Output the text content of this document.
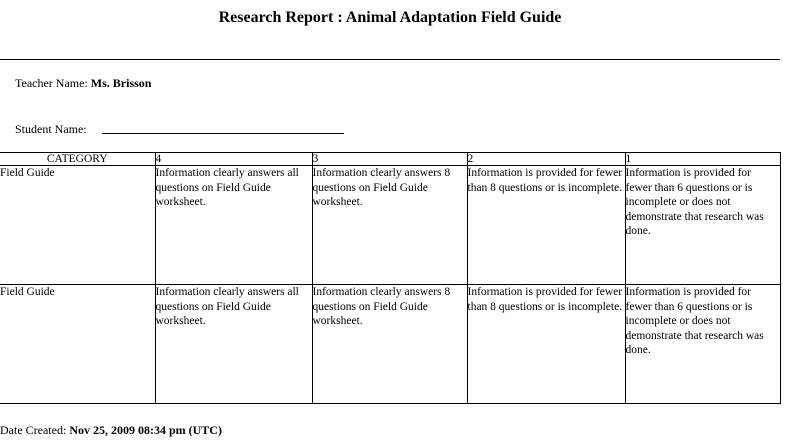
Research Report : Animal Adaptation Field Guide
Teacher Name: Ms. Brisson
Student Name:
CATEGORY	4	3	2	1
Field Guide	Information clearly answers all questions on Field Guide worksheet.	Information clearly answers 8 questions on Field Guide worksheet.	Information is provided for fewer than 8 questions or is incomplete.	Information is provided for fewer than 6 questions or is incomplete or does not demonstrate that research was done.
Field Guide	Information clearly answers all questions on Field Guide worksheet.	Information clearly answers 8 questions on Field Guide worksheet.	Information is provided for fewer than 8 questions or is incomplete.	Information is provided for fewer than 6 questions or is incomplete or does not demonstrate that research was done.
Date Created: Nov 25, 2009 08:34 pm (UTC)
